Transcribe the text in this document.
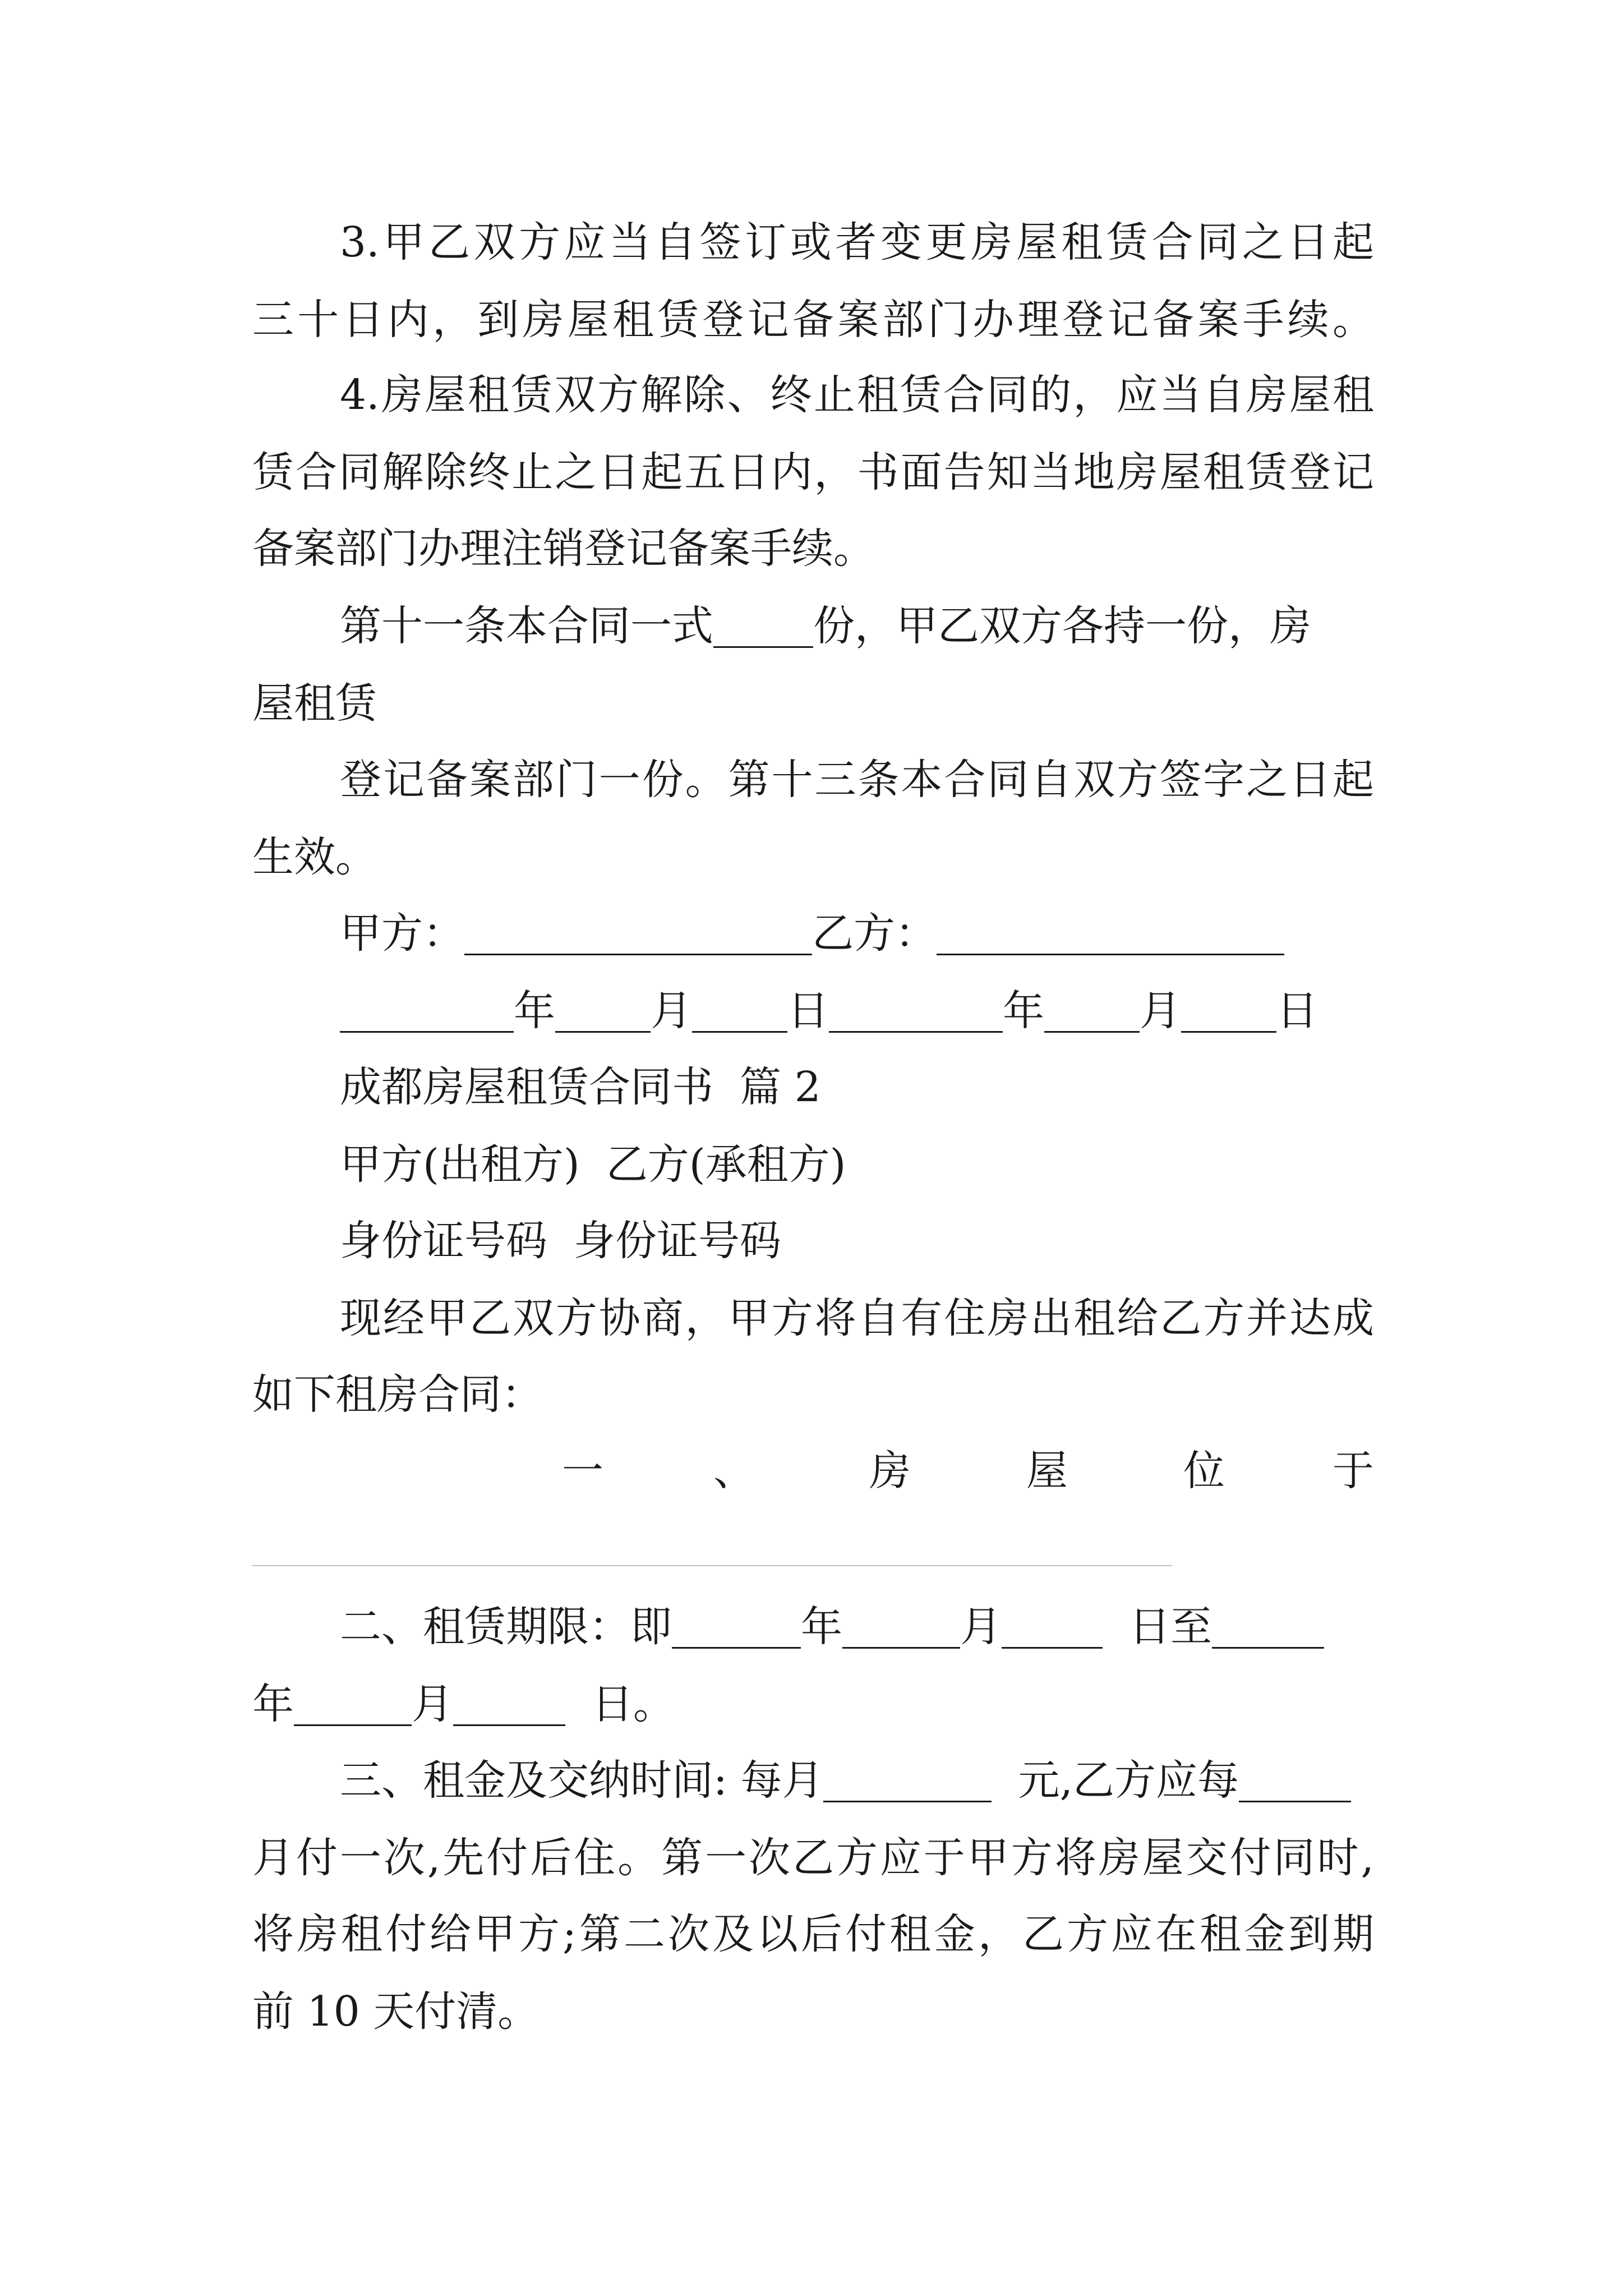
3.甲乙双方应当自签订或者变更房屋租赁合同之日起
三十日内，到房屋租赁登记备案部门办理登记备案手续。
4.房屋租赁双方解除、终止租赁合同的，应当自房屋租
赁合同解除终止之日起五日内，书面告知当地房屋租赁登记
备案部门办理注销登记备案手续。
第十一条本合同一式 份，甲乙双方各持一份，房
屋租赁
登记备案部门一份。第十三条本合同自双方签字之日起
生效。
甲方：	乙方：
年 月 日	年 月 日
成都房屋租赁合同书  篇 2
甲方(出租方)  乙方(承租方)
身份证号码  身份证号码
现经甲乙双方协商，甲方将自有住房出租给乙方并达成
如下租房合同：
一	、	房	屋	位	于
二、租赁期限：即	年	月	日至
年	月	日。
三、租金及交纳时间: 每月	元,乙方应每
月付一次,先付后住。第一次乙方应于甲方将房屋交付同时,
将房租付给甲方;第二次及以后付租金，乙方应在租金到期
前 10 天付清。
